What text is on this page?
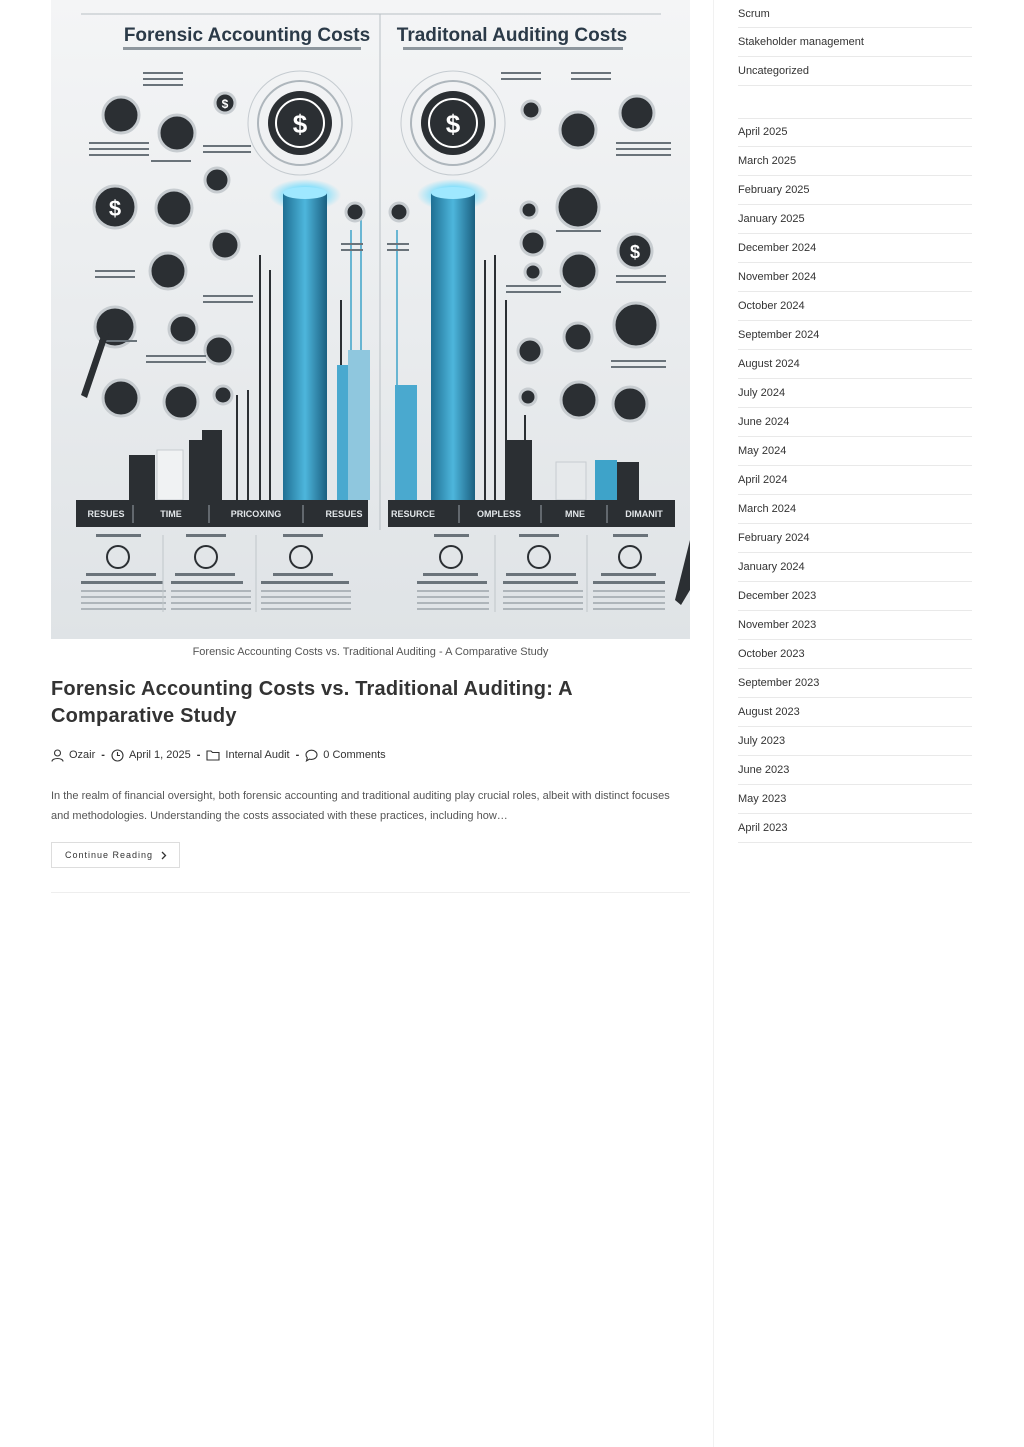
Forensic Accounting Costs Traditonal Auditing Costs
$	$
$
$
$
RESUES	TIME	PRICOXING	RESUES	RESURCE	OMPLESS	MNE	DIMANIT
Forensic Accounting Costs vs. Traditional Auditing - A Comparative Study
Forensic Accounting Costs vs. Traditional Auditing: A Comparative Study
Ozair - April 1, 2025 - Internal Audit - 0 Comments

In the realm of financial oversight, both forensic accounting and traditional auditing play crucial roles, albeit with distinct focuses and methodologies. Understanding the costs associated with these practices, including how…

Continue Reading
Scrum
Stakeholder management
Uncategorized
April 2025
March 2025
February 2025
January 2025
December 2024
November 2024
October 2024
September 2024
August 2024
July 2024
June 2024
May 2024
April 2024
March 2024
February 2024
January 2024
December 2023
November 2023
October 2023
September 2023
August 2023
July 2023
June 2023
May 2023
April 2023
